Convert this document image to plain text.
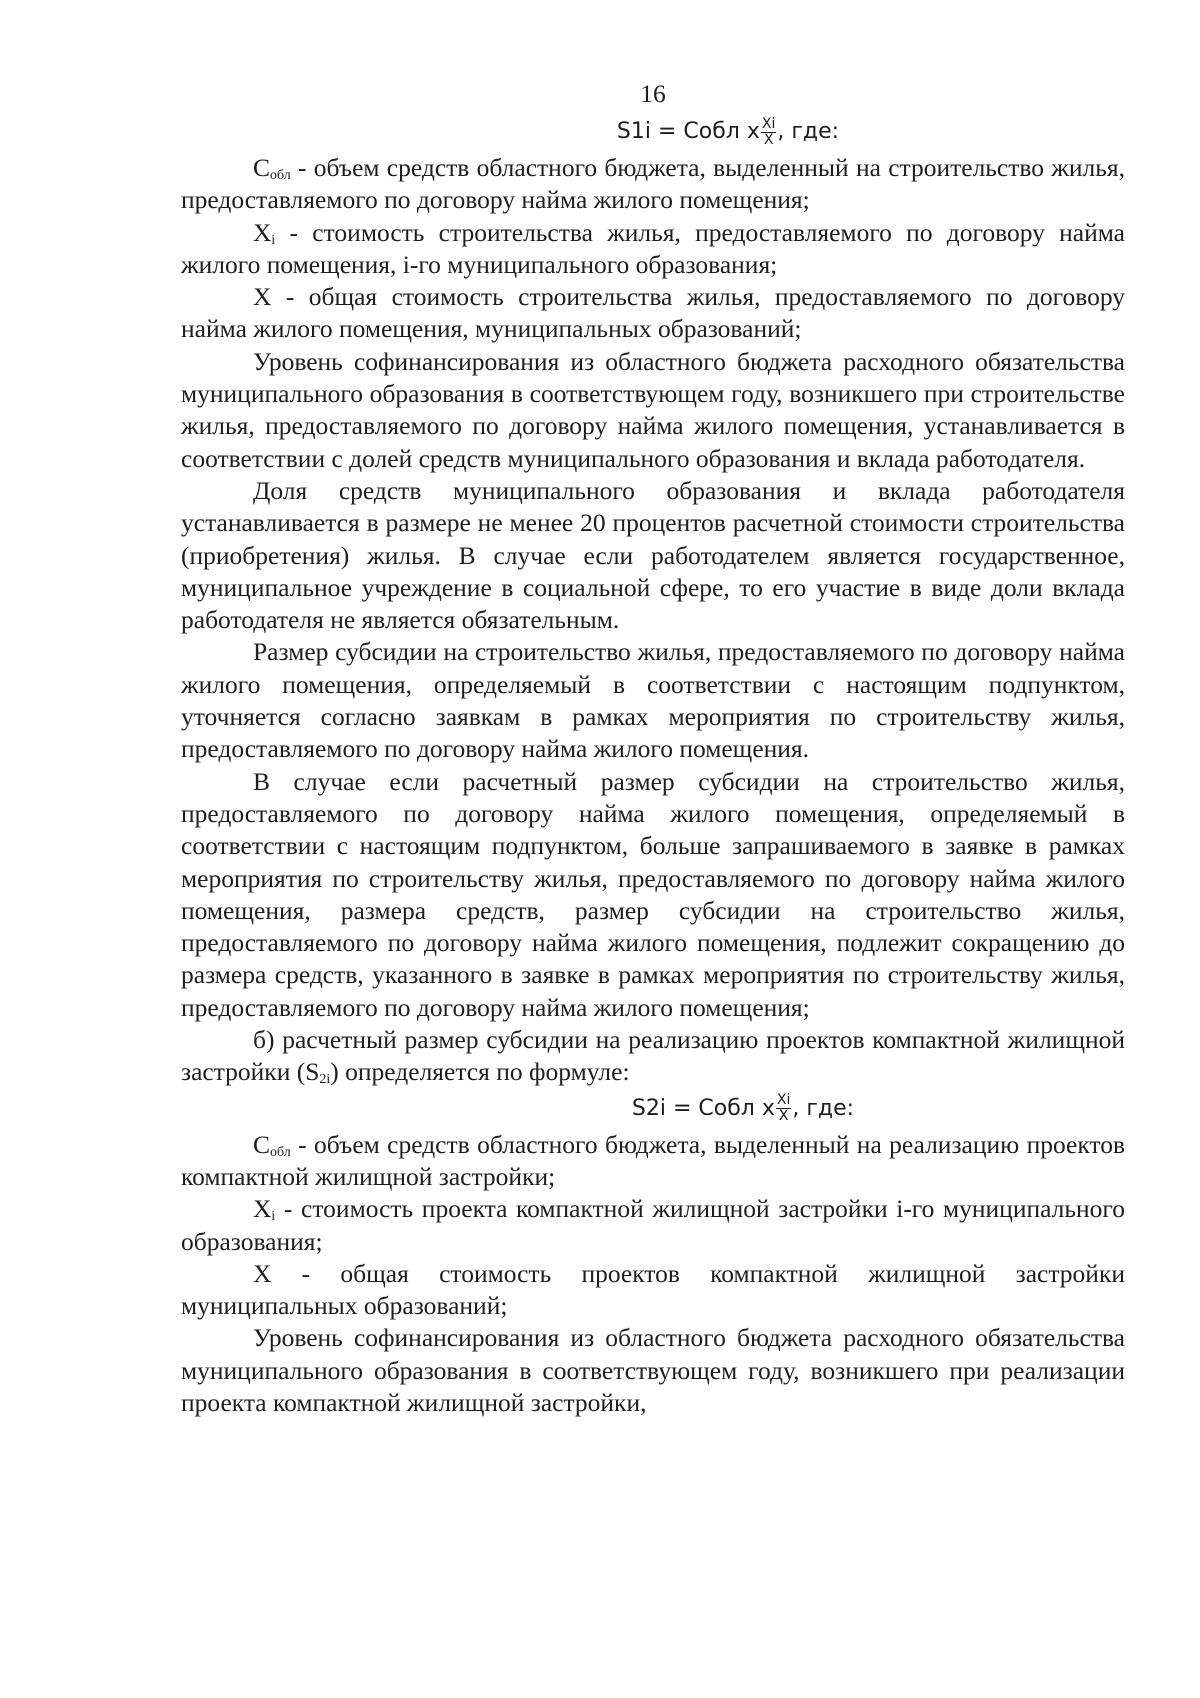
16
S1i = Собл х $\frac{Xi}{X}$ , где:

$С_{обл}$ - объем средств областного бюджета, выделенный на строительство жилья, предоставляемого по договору найма жилого помещения;

$X_i$ - стоимость строительства жилья, предоставляемого по договору найма жилого помещения, i-го муниципального образования;

X - общая стоимость строительства жилья, предоставляемого по договору найма жилого помещения, муниципальных образований;

Уровень софинансирования из областного бюджета расходного обязательства муниципального образования в соответствующем году, возникшего при строительстве жилья, предоставляемого по договору найма жилого помещения, устанавливается в соответствии с долей средств муниципального образования и вклада работодателя.

Доля средств муниципального образования и вклада работодателя устанавливается в размере не менее 20 процентов расчетной стоимости строительства (приобретения) жилья. В случае если работодателем является государственное, муниципальное учреждение в социальной сфере, то его участие в виде доли вклада работодателя не является обязательным.

Размер субсидии на строительство жилья, предоставляемого по договору найма жилого помещения, определяемый в соответствии с настоящим подпунктом, уточняется согласно заявкам в рамках мероприятия по строительству жилья, предоставляемого по договору найма жилого помещения.

В случае если расчетный размер субсидии на строительство жилья, предоставляемого по договору найма жилого помещения, определяемый в соответствии с настоящим подпунктом, больше запрашиваемого в заявке в рамках мероприятия по строительству жилья, предоставляемого по договору найма жилого помещения, размера средств, размер субсидии на строительство жилья, предоставляемого по договору найма жилого помещения, подлежит сокращению до размера средств, указанного в заявке в рамках мероприятия по строительству жилья, предоставляемого по договору найма жилого помещения;

б) расчетный размер субсидии на реализацию проектов компактной жилищной застройки $(S_{2i})$ определяется по формуле:

S2i = Собл х $\frac{Xi}{X}$ , где:

$С_{обл}$ - объем средств областного бюджета, выделенный на реализацию проектов компактной жилищной застройки;

$X_i$ - стоимость проекта компактной жилищной застройки i-го муниципального образования;

X - общая стоимость проектов компактной жилищной застройки муниципальных образований;

Уровень софинансирования из областного бюджета расходного обязательства муниципального образования в соответствующем году, возникшего при реализации проекта компактной жилищной застройки,
